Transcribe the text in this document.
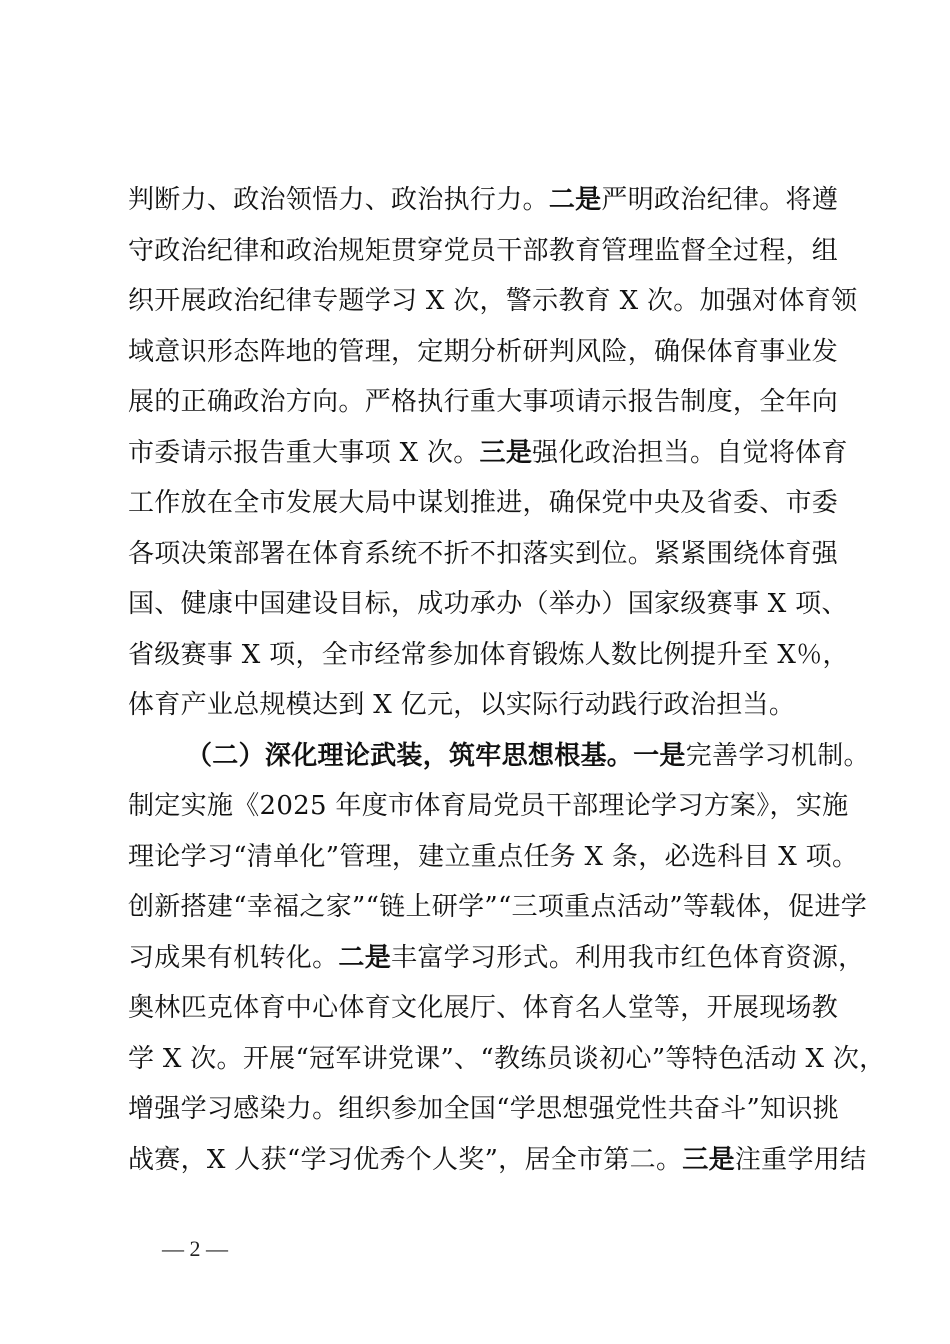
判断力、政治领悟力、政治执行力。二是严明政治纪律。将遵
守政治纪律和政治规矩贯穿党员干部教育管理监督全过程，组
织开展政治纪律专题学习 X 次，警示教育 X 次。加强对体育领
域意识形态阵地的管理，定期分析研判风险，确保体育事业发
展的正确政治方向。严格执行重大事项请示报告制度，全年向
市委请示报告重大事项 X 次。三是强化政治担当。自觉将体育
工作放在全市发展大局中谋划推进，确保党中央及省委、市委
各项决策部署在体育系统不折不扣落实到位。紧紧围绕体育强
国、健康中国建设目标，成功承办（举办）国家级赛事 X 项、
省级赛事 X 项，全市经常参加体育锻炼人数比例提升至 X％，
体育产业总规模达到 X 亿元，以实际行动践行政治担当。
（二）深化理论武装，筑牢思想根基。一是完善学习机制。
制定实施《2025 年度市体育局党员干部理论学习方案》，实施
理论学习“清单化”管理，建立重点任务 X 条，必选科目 X 项。
创新搭建“幸福之家”“链上研学”“三项重点活动”等载体，促进学
习成果有机转化。二是丰富学习形式。利用我市红色体育资源，
奥林匹克体育中心体育文化展厅、体育名人堂等，开展现场教
学 X 次。开展“冠军讲党课”、“教练员谈初心”等特色活动 X 次，
增强学习感染力。组织参加全国“学思想强党性共奋斗”知识挑
战赛，X 人获“学习优秀个人奖”，居全市第二。三是注重学用结
— 2 —
